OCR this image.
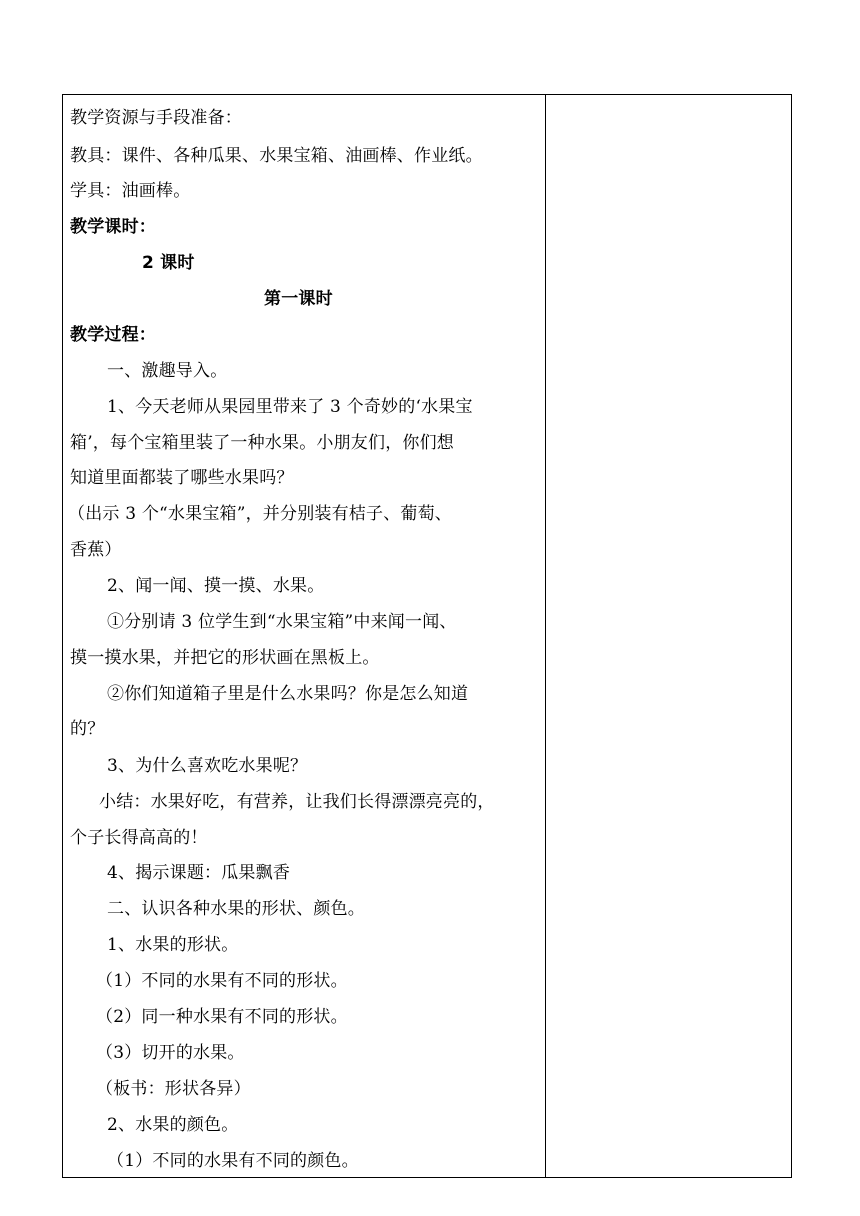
教学资源与手段准备：
教具：课件、各种瓜果、水果宝箱、油画棒、作业纸。
学具：油画棒。
教学课时：
2 课时
第一课时
教学过程：
一、激趣导入。
1、今天老师从果园里带来了 3 个奇妙的‘水果宝
箱’，每个宝箱里装了一种水果。小朋友们，你们想
知道里面都装了哪些水果吗？
（出示 3 个“水果宝箱”，并分别装有桔子、葡萄、
香蕉）
2、闻一闻、摸一摸、水果。
①分别请 3 位学生到“水果宝箱”中来闻一闻、
摸一摸水果，并把它的形状画在黑板上。
②你们知道箱子里是什么水果吗？你是怎么知道
的？
3、为什么喜欢吃水果呢？
小结：水果好吃，有营养，让我们长得漂漂亮亮的，
个子长得高高的！
4、揭示课题：瓜果飘香
二、认识各种水果的形状、颜色。
1、水果的形状。
（1）不同的水果有不同的形状。
（2）同一种水果有不同的形状。
（3）切开的水果。
（板书：形状各异）
2、水果的颜色。
（1）不同的水果有不同的颜色。
